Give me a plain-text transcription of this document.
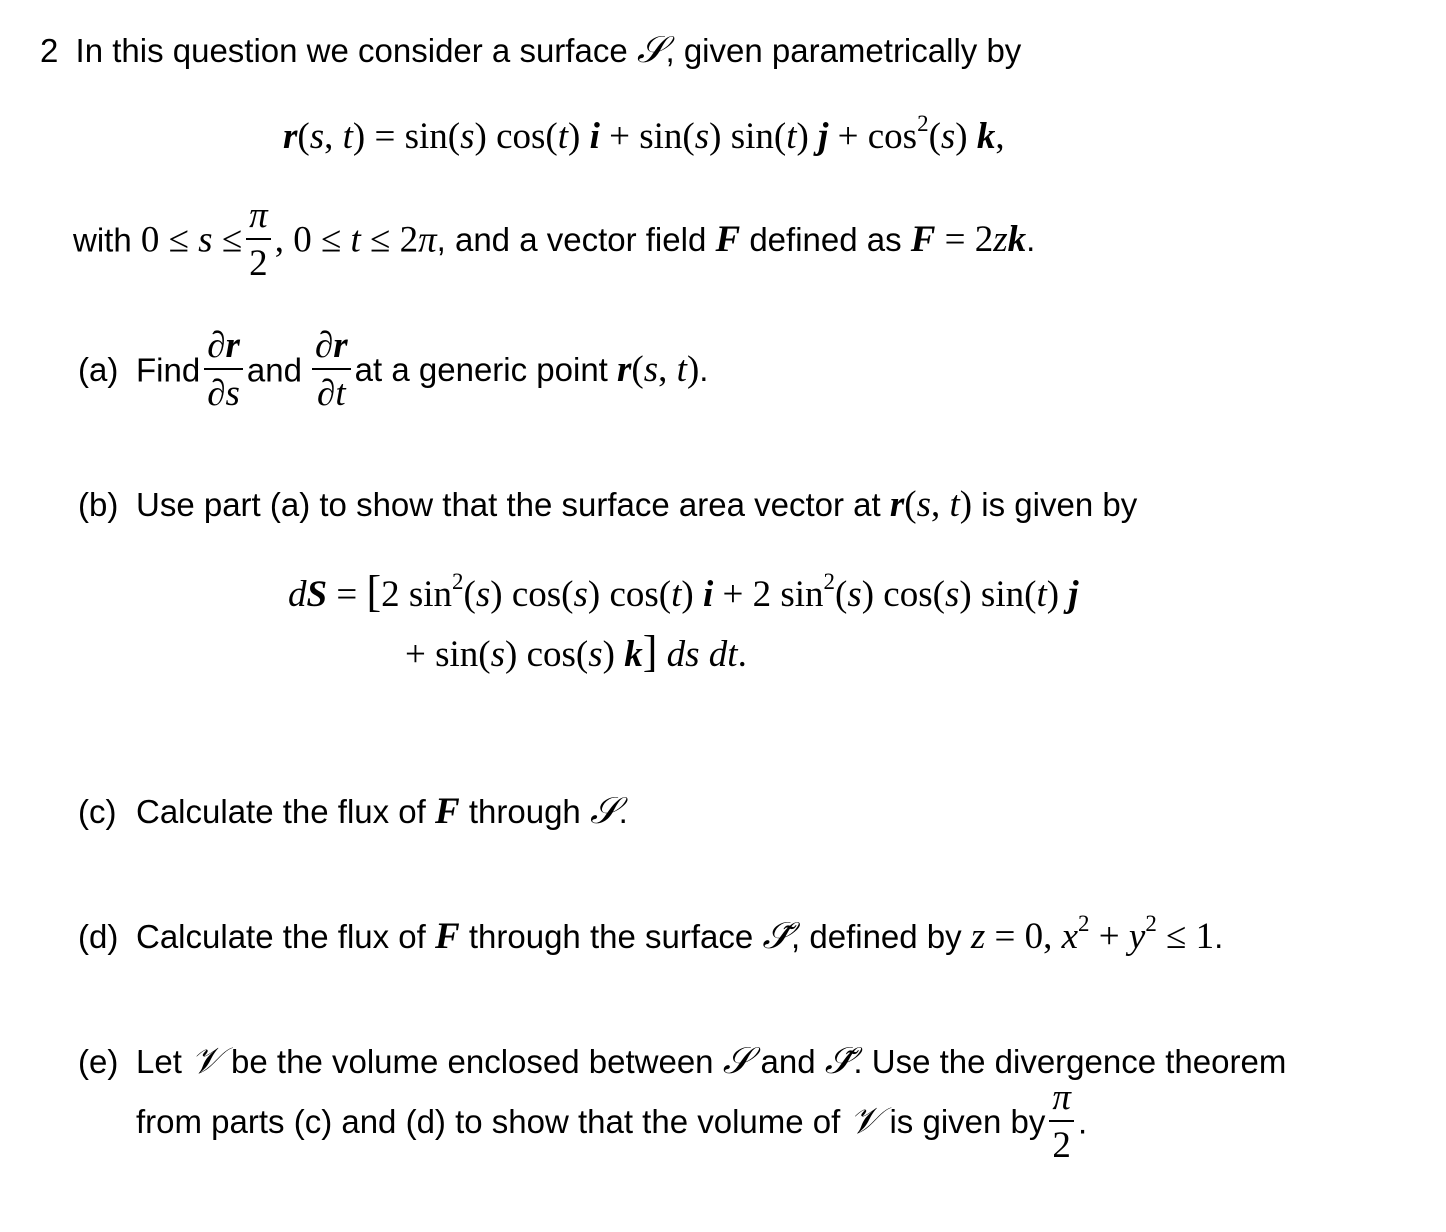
2 In this question we consider a surface 𝒮, given parametrically by
r(s, t) = sin(s) cos(t) i + sin(s) sin(t) $j + \cos^2(s)$ k,
with $0 \le s \le \frac{\pi}{2}$ , 0 ≤ t ≤ 2π, and a vector field F defined as F = 2zk.
(a) Find $\frac{\partial r}{\partial s}$ and $\frac{\partial r}{\partial t}$ at a generic point r(s, t).
(b) Use part (a) to show that the surface area vector at r(s, t) is given by
dS = [2 $\sin^2(s)$ cos(s) cos(t) i + 2 $\sin^2(s)$ cos(s) sin(t) j
+ sin(s) cos(s) k] ds dt.
(c) Calculate the flux of F through 𝒮.
(d) Calculate the flux of F through the surface 𝒮̃, defined by z = 0, $x^2 + y^2 \le 1$.
(e) Let 𝒱 be the volume enclosed between 𝒮 and 𝒮̃. Use the divergence theorem
from parts (c) and (d) to show that the volume of 𝒱 is given by $\frac{\pi}{2}$ .
